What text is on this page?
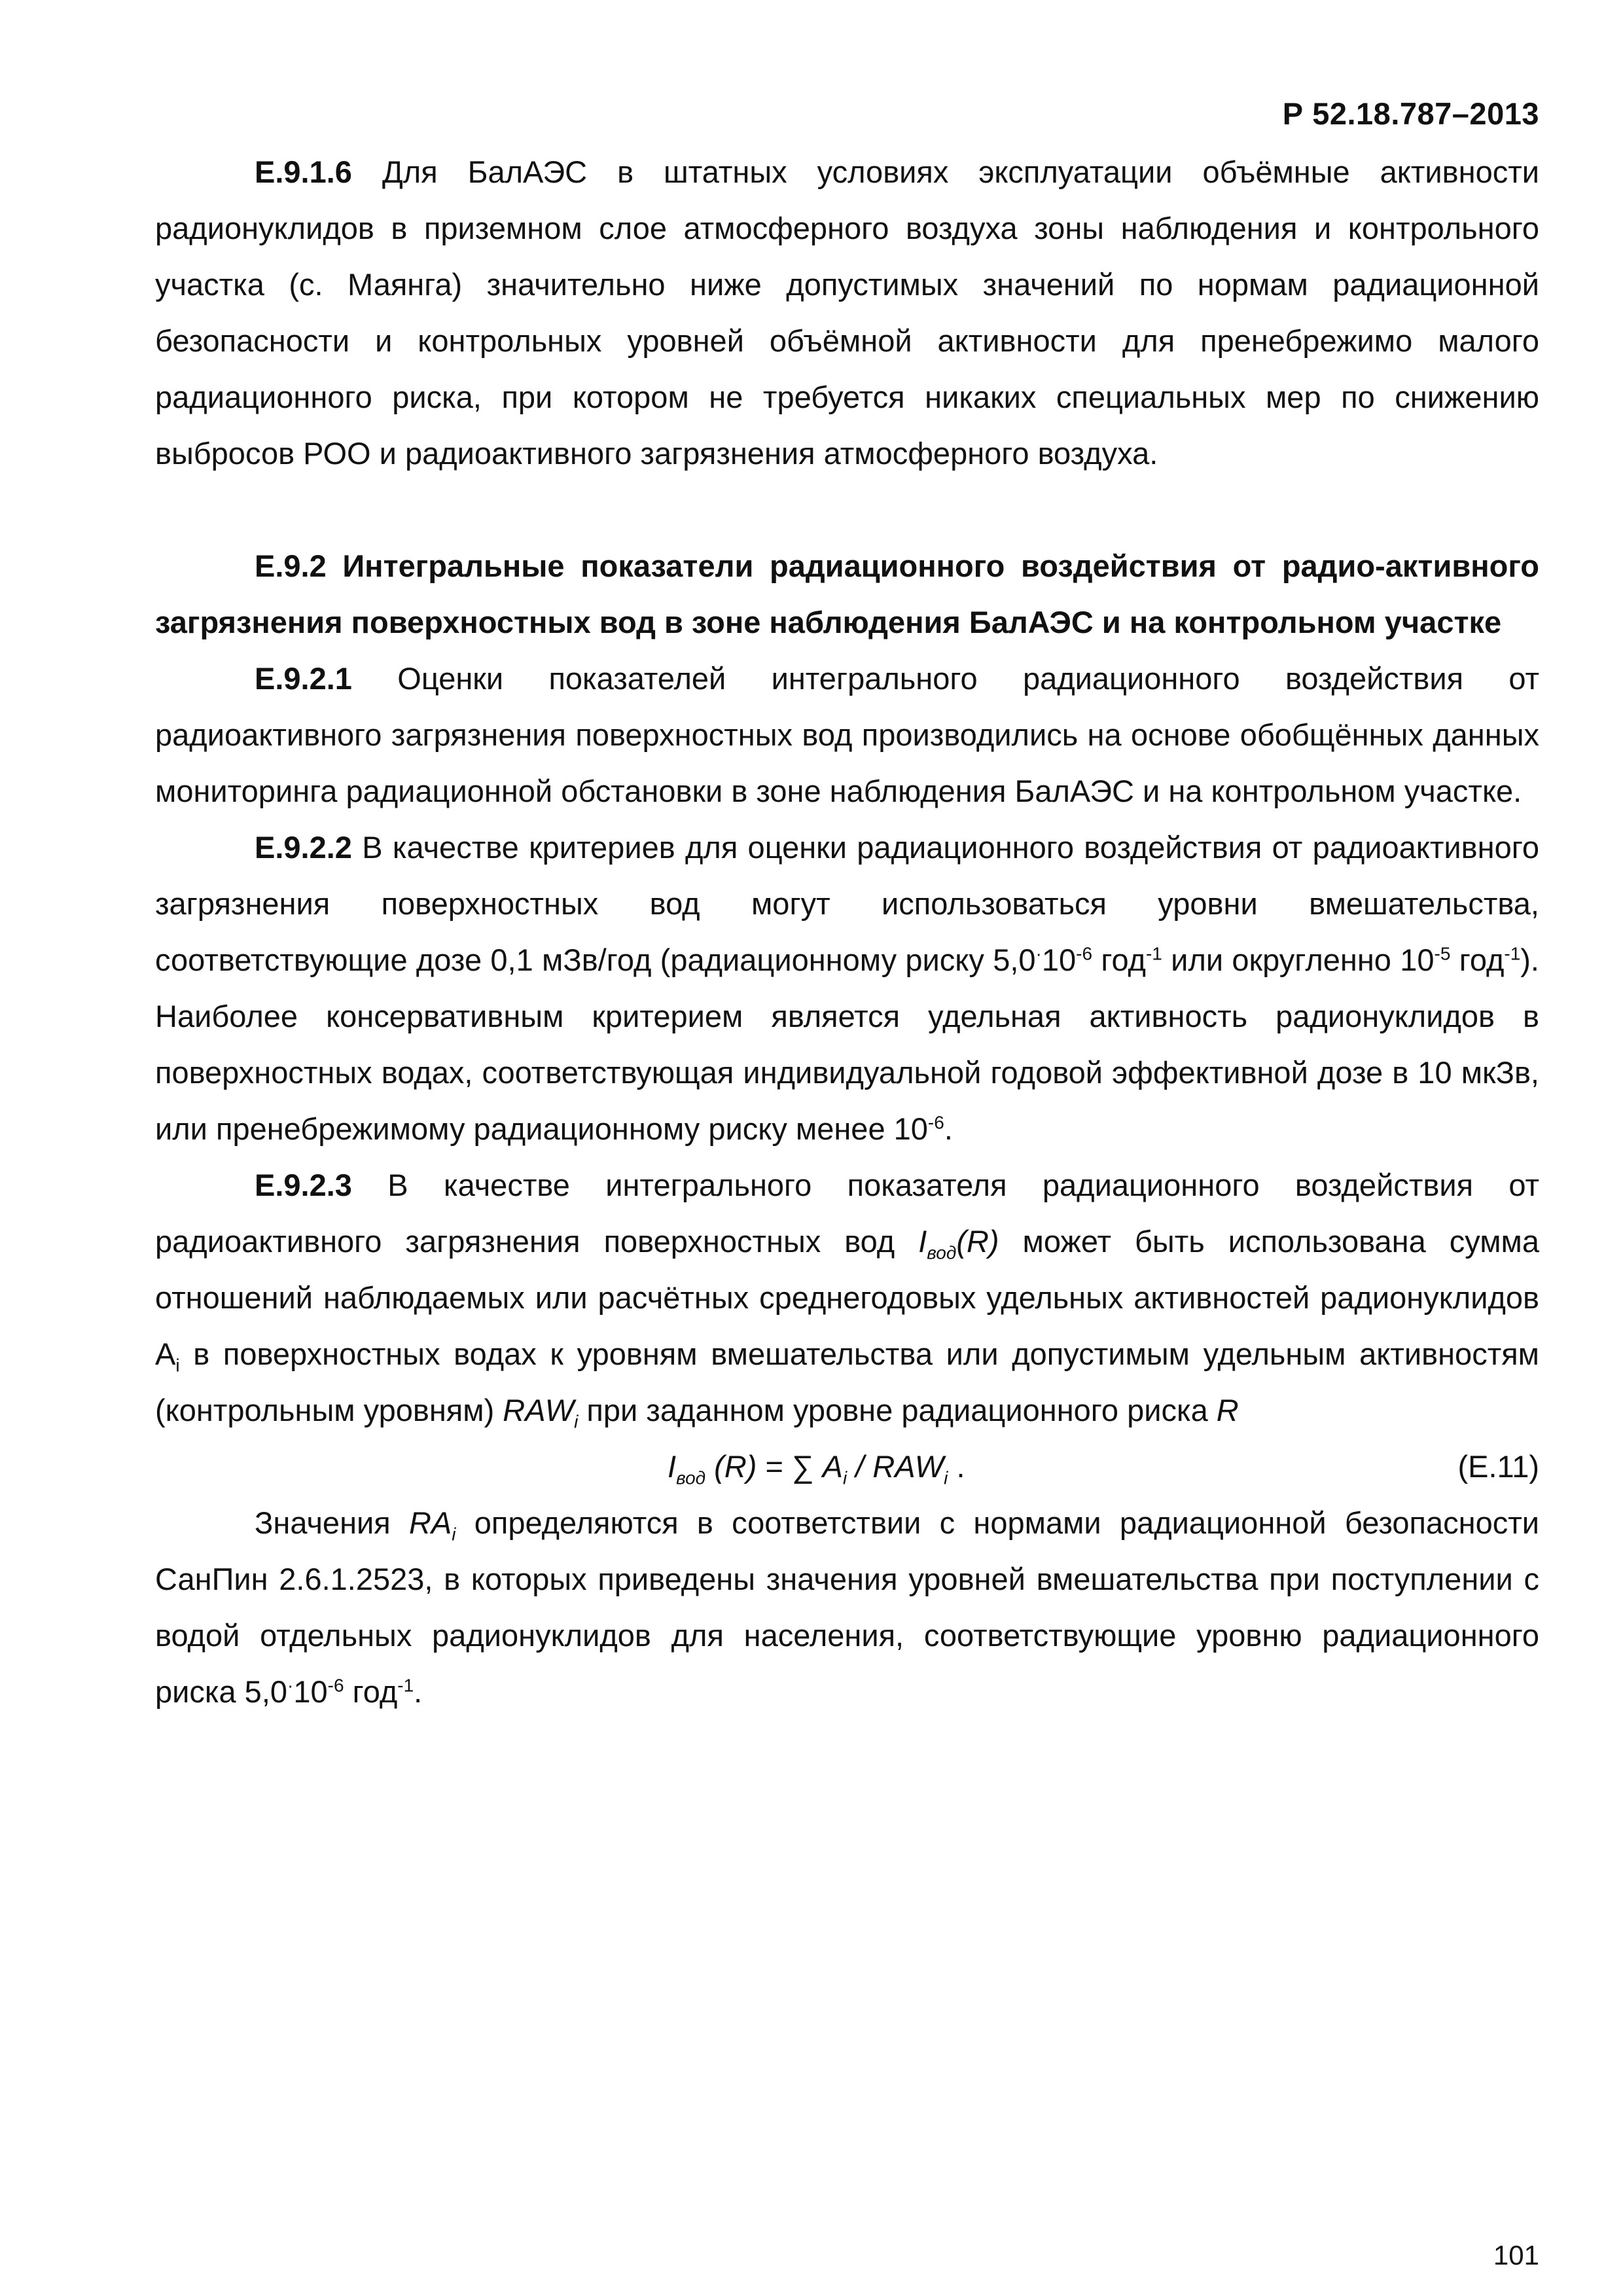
Р 52.18.787–2013

Е.9.1.6 Для БалАЭС в штатных условиях эксплуатации объёмные активности радионуклидов в приземном слое атмосферного воздуха зоны наблюдения и контрольного участка (с. Маянга) значительно ниже допустимых значений по нормам радиационной безопасности и контрольных уровней объёмной активности для пренебрежимо малого радиационного риска, при котором не требуется никаких специальных мер по снижению выбросов РОО и радиоактивного загрязнения атмосферного воздуха.

Е.9.2 Интегральные показатели радиационного воздействия от радио-активного загрязнения поверхностных вод в зоне наблюдения БалАЭС и на контрольном участке

Е.9.2.1 Оценки показателей интегрального радиационного воздействия от радиоактивного загрязнения поверхностных вод производились на основе обобщённых данных мониторинга радиационной обстановки в зоне наблюдения БалАЭС и на контрольном участке.

Е.9.2.2 В качестве критериев для оценки радиационного воздействия от радиоактивного загрязнения поверхностных вод могут использоваться уровни вмешательства, соответствующие дозе 0,1 мЗв/год (радиационному риску $5,0^\cdot 10^{-6}$ год$^{-1}$ или округленно $10^{-5}$ год$^{-1}$). Наиболее консервативным критерием является удельная активность радионуклидов в поверхностных водах, соответствующая индивидуальной годовой эффективной дозе в 10 мкЗв, или пренебрежимому радиационному риску менее $10^{-6}$.

Е.9.2.3 В качестве интегрального показателя радиационного воздействия от радиоактивного загрязнения поверхностных вод $I_{вод}(R)$ может быть использована сумма отношений наблюдаемых или расчётных среднегодовых удельных активностей радионуклидов $A_i$ в поверхностных водах к уровням вмешательства или допустимым удельным активностям (контрольным уровням) $RAW_i$ при заданном уровне радиационного риска R

$I_{вод}$ (R) = ∑ $A_i / RAW_i$ .	(Е.11)

Значения $RA_i$ определяются в соответствии с нормами радиационной безопасности СанПин 2.6.1.2523, в которых приведены значения уровней вмешательства при поступлении с водой отдельных радионуклидов для населения, соответствующие уровню радиационного риска $5,0^\cdot 10^{-6}$ год$^{-1}$.

101
